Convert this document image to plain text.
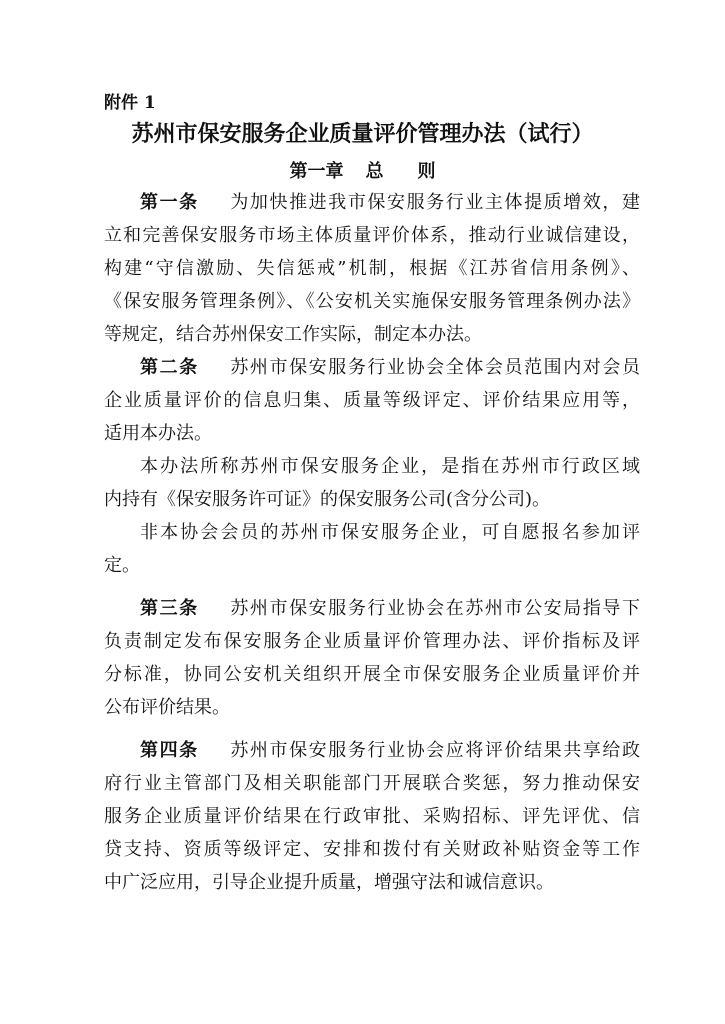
附件 1
苏州市保安服务企业质量评价管理办法（试行）
第一章 总 则
第一条 为加快推进我市保安服务行业主体提质增效，建
立和完善保安服务市场主体质量评价体系，推动行业诚信建设，
构建“守信激励、失信惩戒”机制，根据《江苏省信用条例》、
《保安服务管理条例》、《公安机关实施保安服务管理条例办法》
等规定，结合苏州保安工作实际，制定本办法。
第二条 苏州市保安服务行业协会全体会员范围内对会员
企业质量评价的信息归集、质量等级评定、评价结果应用等，
适用本办法。
本办法所称苏州市保安服务企业，是指在苏州市行政区域
内持有《保安服务许可证》的保安服务公司(含分公司)。
非本协会会员的苏州市保安服务企业，可自愿报名参加评
定。
第三条 苏州市保安服务行业协会在苏州市公安局指导下
负责制定发布保安服务企业质量评价管理办法、评价指标及评
分标准，协同公安机关组织开展全市保安服务企业质量评价并
公布评价结果。
第四条 苏州市保安服务行业协会应将评价结果共享给政
府行业主管部门及相关职能部门开展联合奖惩，努力推动保安
服务企业质量评价结果在行政审批、采购招标、评先评优、信
贷支持、资质等级评定、安排和拨付有关财政补贴资金等工作
中广泛应用，引导企业提升质量，增强守法和诚信意识。
